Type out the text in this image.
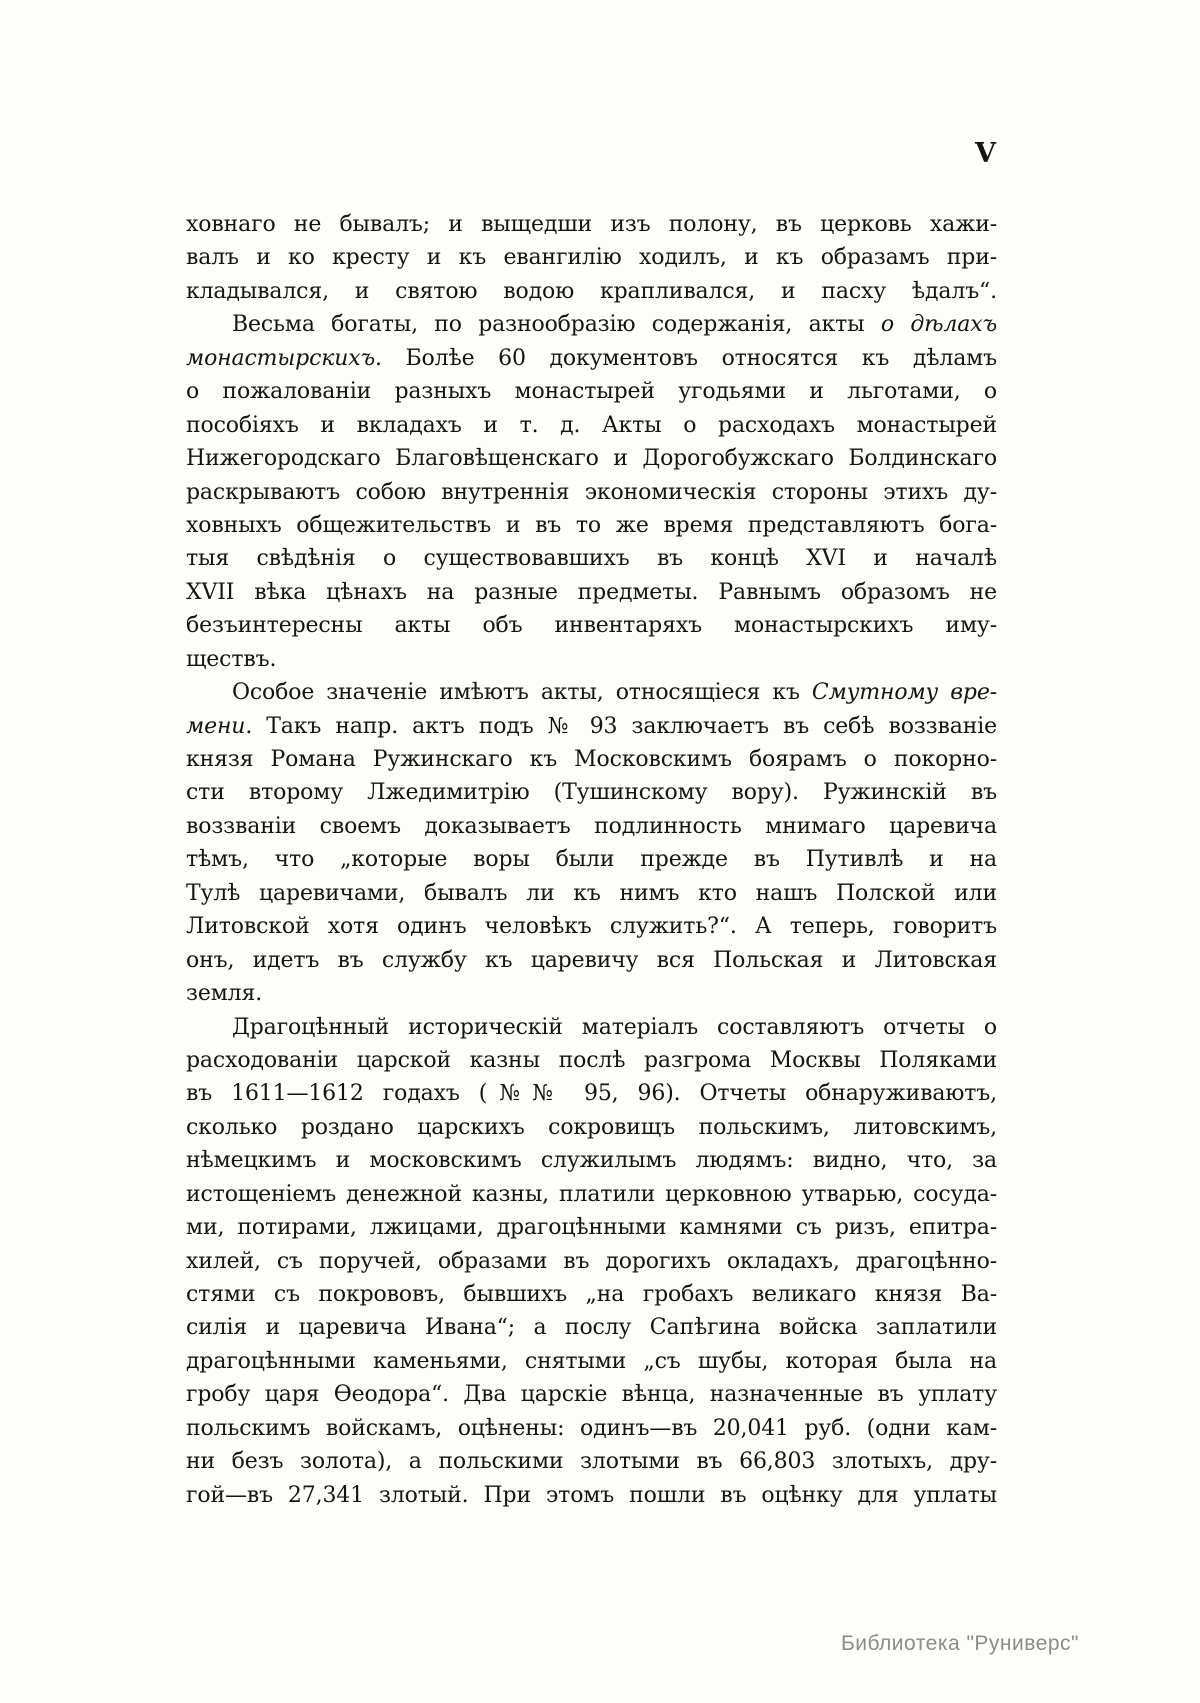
V
ховнаго не бывалъ; и выщедши изъ полону, въ церковь хажи-
валъ и ко кресту и къ евангилію ходилъ, и къ образамъ при-
кладывался, и святою водою крапливался, и пасху ѣдалъ“.
Весьма богаты, по разнообразію содержанія, акты о дѣлахъ
монастырскихъ. Болѣе 60 документовъ относятся къ дѣламъ
о пожалованіи разныхъ монастырей угодьями и льготами, о
пособіяхъ и вкладахъ и т. д. Акты о расходахъ монастырей
Нижегородскаго Благовѣщенскаго и Дорогобужскаго Болдинскаго
раскрываютъ собою внутреннія экономическія стороны этихъ ду-
ховныхъ общежительствъ и въ то же время представляютъ бога-
тыя свѣдѣнія о существовавшихъ въ концѣ XVI и началѣ
XVII вѣка цѣнахъ на разные предметы. Равнымъ образомъ не
безъинтересны акты объ инвентаряхъ монастырскихъ иму-
ществъ.
Особое значеніе имѣютъ акты, относящіеся къ Смутному вре-
мени. Такъ напр. актъ подъ № 93 заключаетъ въ себѣ воззваніе
князя Романа Ружинскаго къ Московскимъ боярамъ о покорно-
сти второму Лжедимитрію (Тушинскому вору). Ружинскій въ
воззваніи своемъ доказываетъ подлинность мнимаго царевича
тѣмъ, что „которые воры были прежде въ Путивлѣ и на
Тулѣ царевичами, бывалъ ли къ нимъ кто нашъ Полской или
Литовской хотя одинъ человѣкъ служить?“. А теперь, говоритъ
онъ, идетъ въ службу къ царевичу вся Польская и Литовская
земля.
Драгоцѣнный историческій матеріалъ составляютъ отчеты о
расходованіи царской казны послѣ разгрома Москвы Поляками
въ 1611—1612 годахъ (№№ 95, 96). Отчеты обнаруживаютъ,
сколько роздано царскихъ сокровищъ польскимъ, литовскимъ,
нѣмецкимъ и московскимъ служилымъ людямъ: видно, что, за
истощеніемъ денежной казны, платили церковною утварью, сосуда-
ми, потирами, лжицами, драгоцѣнными камнями съ ризъ, епитра-
хилей, съ поручей, образами въ дорогихъ окладахъ, драгоцѣнно-
стями съ покрововъ, бывшихъ „на гробахъ великаго князя Ва-
силія и царевича Ивана“; а послу Сапѣгина войска заплатили
драгоцѣнными каменьями, снятыми „съ шубы, которая была на
гробу царя Ѳеодора“. Два царскіе вѣнца, назначенные въ уплату
польскимъ войскамъ, оцѣнены: одинъ—въ 20,041 руб. (одни кам-
ни безъ золота), а польскими злотыми въ 66,803 злотыхъ, дру-
гой—въ 27,341 злотый. При этомъ пошли въ оцѣнку для уплаты
Библиотека "Руниверс"
